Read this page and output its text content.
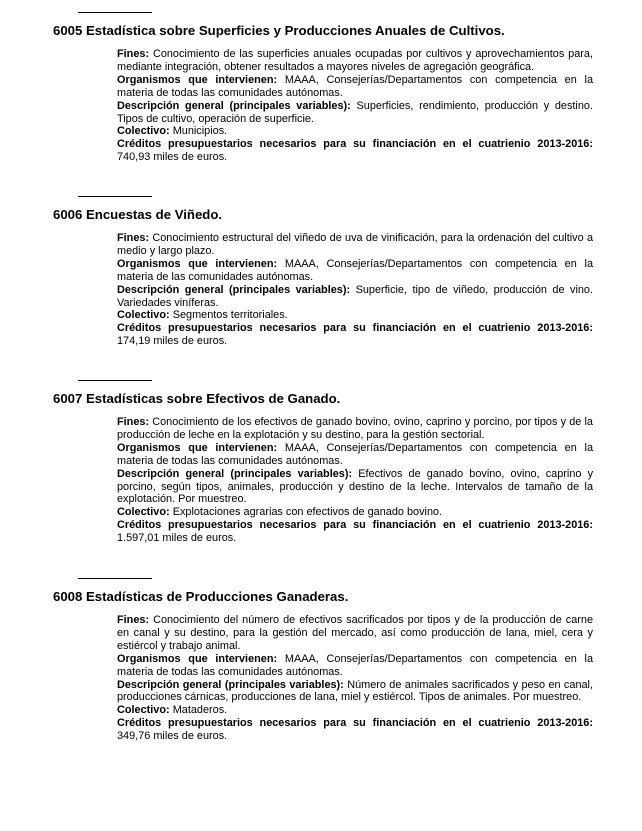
6005 Estadística sobre Superficies y Producciones Anuales de Cultivos.

Fines: Conocimiento de las superficies anuales ocupadas por cultivos y aprovechamientos para, mediante integración, obtener resultados a mayores niveles de agregación geográfica.

Organismos que intervienen: MAAA, Consejerías/Departamentos con competencia en la materia de todas las comunidades autónomas.

Descripción general (principales variables): Superficies, rendimiento, producción y destino. Tipos de cultivo, operación de superficie.

Colectivo: Municipios.

Créditos presupuestarios necesarios para su financiación en el cuatrienio 2013-2016: 740,93 miles de euros.

6006 Encuestas de Viñedo.

Fines: Conocimiento estructural del viñedo de uva de vinificación, para la ordenación del cultivo a medio y largo plazo.

Organismos que intervienen: MAAA, Consejerías/Departamentos con competencia en la materia de las comunidades autónomas.

Descripción general (principales variables): Superficie, tipo de viñedo, producción de vino. Variedades viníferas.

Colectivo: Segmentos territoriales.

Créditos presupuestarios necesarios para su financiación en el cuatrienio 2013-2016: 174,19 miles de euros.

6007 Estadísticas sobre Efectivos de Ganado.

Fines: Conocimiento de los efectivos de ganado bovino, ovino, caprino y porcino, por tipos y de la producción de leche en la explotación y su destino, para la gestión sectorial.

Organismos que intervienen: MAAA, Consejerías/Departamentos con competencia en la materia de todas las comunidades autónomas.

Descripción general (principales variables): Efectivos de ganado bovino, ovino, caprino y porcino, según tipos, animales, producción y destino de la leche. Intervalos de tamaño de la explotación. Por muestreo.

Colectivo: Explotaciones agrarias con efectivos de ganado bovino.

Créditos presupuestarios necesarios para su financiación en el cuatrienio 2013-2016: 1.597,01 miles de euros.

6008 Estadísticas de Producciones Ganaderas.

Fines: Conocimiento del número de efectivos sacrificados por tipos y de la producción de carne en canal y su destino, para la gestión del mercado, así como producción de lana, miel, cera y estiércol y trabajo animal.

Organismos que intervienen: MAAA, Consejerías/Departamentos con competencia en la materia de todas las comunidades autónomas.

Descripción general (principales variables): Número de animales sacrificados y peso en canal, producciones cárnicas, producciones de lana, miel y estiércol. Tipos de animales. Por muestreo.

Colectivo: Mataderos.

Créditos presupuestarios necesarios para su financiación en el cuatrienio 2013-2016: 349,76 miles de euros.
